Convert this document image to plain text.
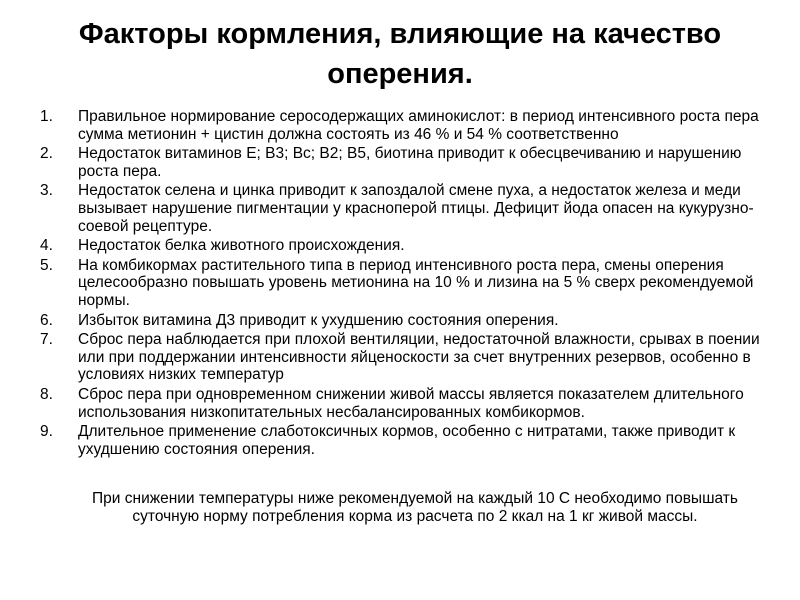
Факторы кормления, влияющие на качество оперения.
1. Правильное нормирование серосодержащих аминокислот: в период интенсивного роста пера сумма метионин + цистин должна состоять из 46 % и 54 % соответственно
2. Недостаток витаминов Е; В3; Вс; В2; В5, биотина приводит к обесцвечиванию и нарушению роста пера.
3. Недостаток селена и цинка приводит к запоздалой смене пуха, а недостаток железа и меди вызывает нарушение пигментации у красноперой птицы. Дефицит йода опасен на кукурузно-соевой рецептуре.
4. Недостаток белка животного происхождения.
5. На комбикормах растительного типа в период интенсивного роста пера, смены оперения целесообразно повышать уровень метионина на 10 % и лизина на 5 % сверх рекомендуемой нормы.
6. Избыток витамина Д3 приводит к ухудшению состояния оперения.
7. Сброс пера наблюдается при плохой вентиляции, недостаточной влажности, срывах в поении или при поддержании интенсивности яйценоскости за счет внутренних резервов, особенно в условиях низких температур
8. Сброс пера при одновременном снижении живой массы является показателем длительного использования низкопитательных несбалансированных комбикормов.
9. Длительное применение слаботоксичных кормов, особенно с нитратами, также приводит к ухудшению состояния оперения.

При снижении температуры ниже рекомендуемой на каждый 10 С необходимо повышать суточную норму потребления корма из расчета по 2 ккал на 1 кг живой массы.
